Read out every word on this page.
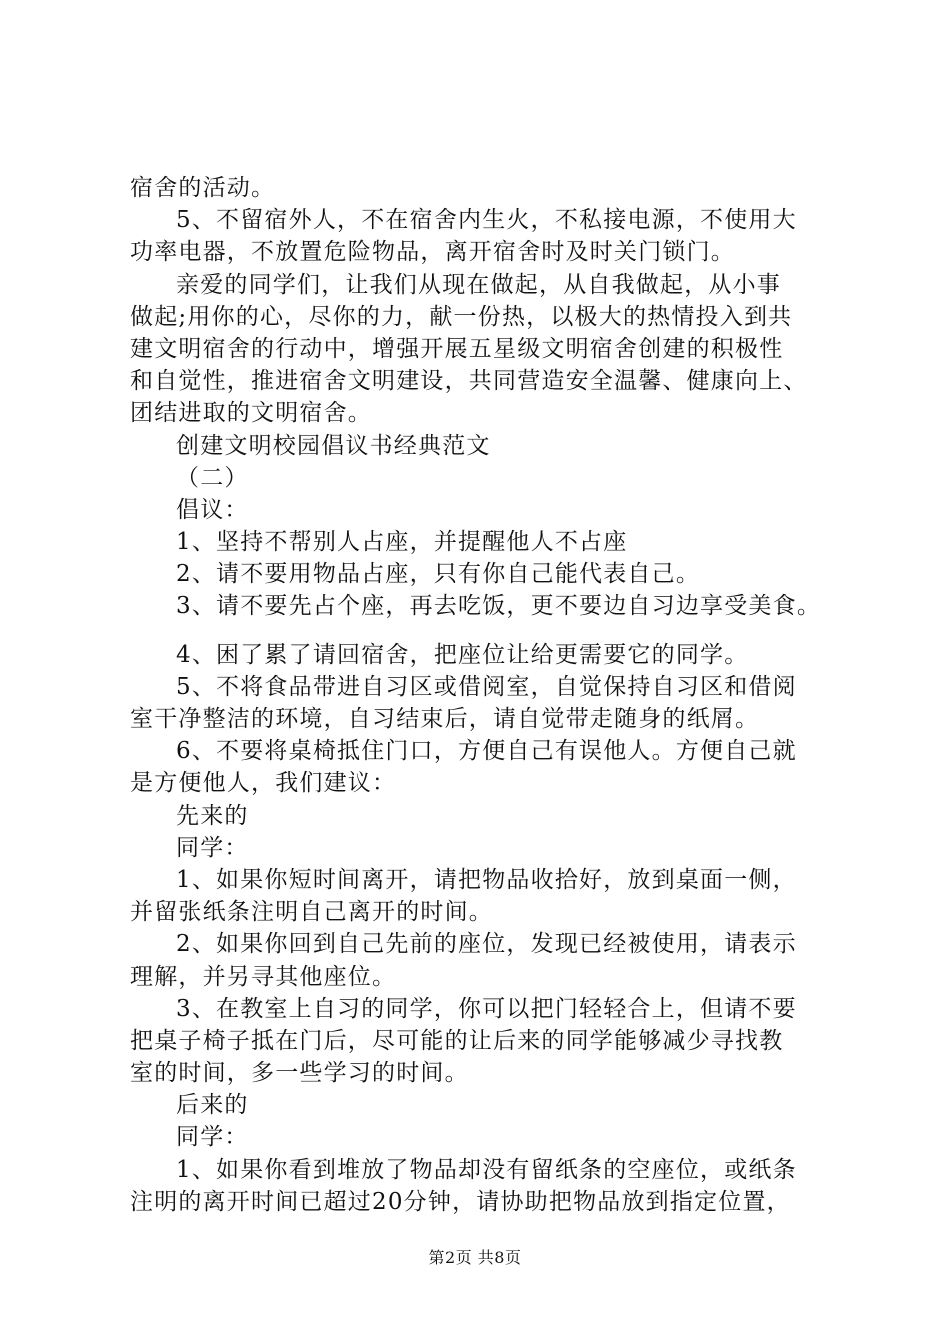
宿舍的活动。
5、不留宿外人，不在宿舍内生火，不私接电源，不使用大
功率电器，不放置危险物品，离开宿舍时及时关门锁门。
亲爱的同学们，让我们从现在做起，从自我做起，从小事
做起;用你的心，尽你的力，献一份热，以极大的热情投入到共
建文明宿舍的行动中，增强开展五星级文明宿舍创建的积极性
和自觉性，推进宿舍文明建设，共同营造安全温馨、健康向上、
团结进取的文明宿舍。
创建文明校园倡议书经典范文
（二）
倡议：
1、坚持不帮别人占座，并提醒他人不占座
2、请不要用物品占座，只有你自己能代表自己。
3、请不要先占个座，再去吃饭，更不要边自习边享受美食。
4、困了累了请回宿舍，把座位让给更需要它的同学。
5、不将食品带进自习区或借阅室，自觉保持自习区和借阅
室干净整洁的环境，自习结束后，请自觉带走随身的纸屑。
6、不要将桌椅抵住门口，方便自己有误他人。方便自己就
是方便他人，我们建议：
先来的
同学：
1、如果你短时间离开，请把物品收拾好，放到桌面一侧，
并留张纸条注明自己离开的时间。
2、如果你回到自己先前的座位，发现已经被使用，请表示
理解，并另寻其他座位。
3、在教室上自习的同学，你可以把门轻轻合上，但请不要
把桌子椅子抵在门后，尽可能的让后来的同学能够减少寻找教
室的时间，多一些学习的时间。
后来的
同学：
1、如果你看到堆放了物品却没有留纸条的空座位，或纸条
注明的离开时间已超过20分钟，请协助把物品放到指定位置，
第2页 共8页
